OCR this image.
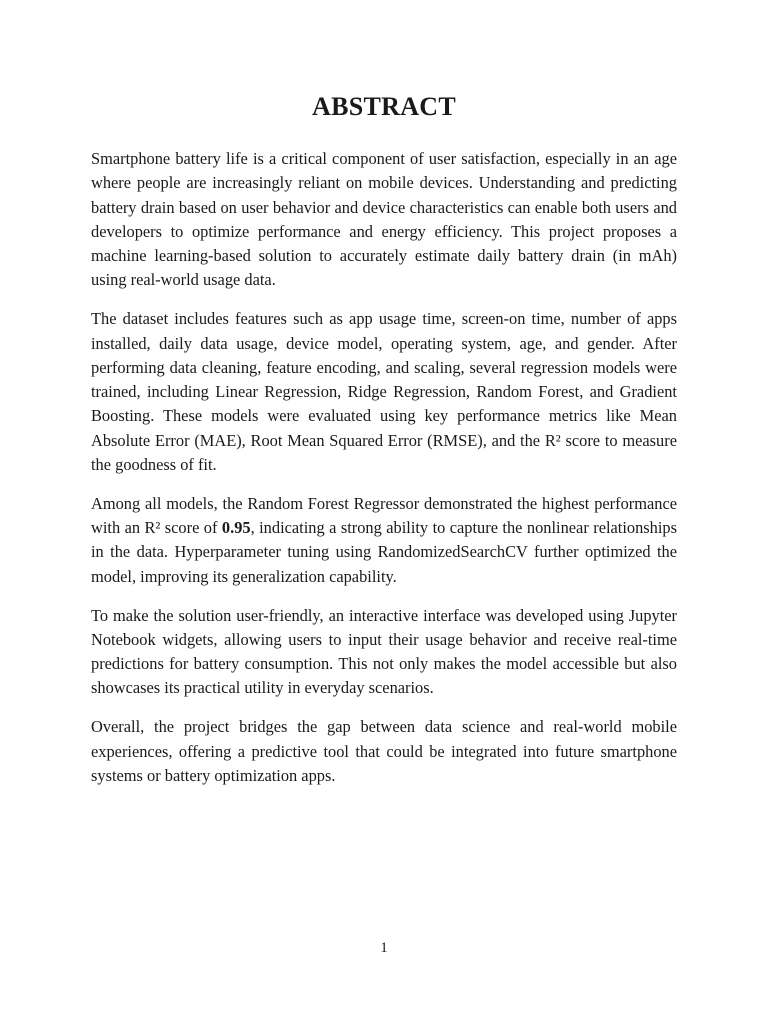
ABSTRACT

Smartphone battery life is a critical component of user satisfaction, especially in an age where people are increasingly reliant on mobile devices. Understanding and predicting battery drain based on user behavior and device characteristics can enable both users and developers to optimize performance and energy efficiency. This project proposes a machine learning-based solution to accurately estimate daily battery drain (in mAh) using real-world usage data.

The dataset includes features such as app usage time, screen-on time, number of apps installed, daily data usage, device model, operating system, age, and gender. After performing data cleaning, feature encoding, and scaling, several regression models were trained, including Linear Regression, Ridge Regression, Random Forest, and Gradient Boosting. These models were evaluated using key performance metrics like Mean Absolute Error (MAE), Root Mean Squared Error (RMSE), and the R² score to measure the goodness of fit.

Among all models, the Random Forest Regressor demonstrated the highest performance with an R² score of 0.95, indicating a strong ability to capture the nonlinear relationships in the data. Hyperparameter tuning using RandomizedSearchCV further optimized the model, improving its generalization capability.

To make the solution user-friendly, an interactive interface was developed using Jupyter Notebook widgets, allowing users to input their usage behavior and receive real-time predictions for battery consumption. This not only makes the model accessible but also showcases its practical utility in everyday scenarios.

Overall, the project bridges the gap between data science and real-world mobile experiences, offering a predictive tool that could be integrated into future smartphone systems or battery optimization apps.

1
